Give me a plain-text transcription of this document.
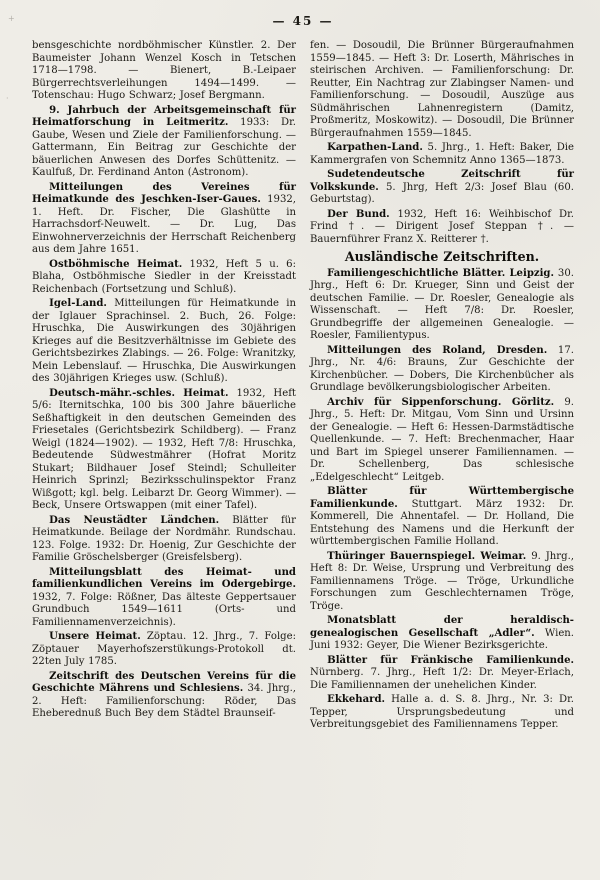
+
·
— 45 —

bensgeschichte nordböhmischer Künstler. 2. Der Baumeister Johann Wenzel Kosch in Tetschen 1718—1798. — Bienert, B.-Leipaer Bürgerrechtsverleihungen 1494—1499. — Totenschau: Hugo Schwarz; Josef Bergmann.

9. Jahrbuch der Arbeitsgemeinschaft für Heimatforschung in Leitmeritz. 1933: Dr. Gaube, Wesen und Ziele der Familienforschung. — Gattermann, Ein Beitrag zur Geschichte der bäuerlichen Anwesen des Dorfes Schüttenitz. — Kaulfuß, Dr. Ferdinand Anton (Astronom).

Mitteilungen des Vereines für Heimatkunde des Jeschken-Iser-Gaues. 1932, 1. Heft. Dr. Fischer, Die Glashütte in Harrachsdorf-Neuwelt. — Dr. Lug, Das Einwohnerverzeichnis der Herrschaft Reichenberg aus dem Jahre 1651.

Ostböhmische Heimat. 1932, Heft 5 u. 6: Blaha, Ostböhmische Siedler in der Kreisstadt Reichenbach (Fortsetzung und Schluß).

Igel-Land. Mitteilungen für Heimatkunde in der Iglauer Sprachinsel. 2. Buch, 26. Folge: Hruschka, Die Auswirkungen des 30jährigen Krieges auf die Besitzverhältnisse im Gebiete des Gerichtsbezirkes Zlabings. — 26. Folge: Wranitzky, Mein Lebenslauf. — Hruschka, Die Auswirkungen des 30jährigen Krieges usw. (Schluß).

Deutsch-mähr.-schles. Heimat. 1932, Heft 5/6: Iternitschka, 100 bis 300 Jahre bäuerliche Seßhaftigkeit in den deutschen Gemeinden des Friesetales (Gerichtsbezirk Schildberg). — Franz Weigl (1824—1902). — 1932, Heft 7/8: Hruschka, Bedeutende Südwestmährer (Hofrat Moritz Stukart; Bildhauer Josef Steindl; Schulleiter Heinrich Sprinzl; Bezirksschulinspektor Franz Wißgott; kgl. belg. Leibarzt Dr. Georg Wimmer). — Beck, Unsere Ortswappen (mit einer Tafel).

Das Neustädter Ländchen. Blätter für Heimatkunde. Beilage der Nordmähr. Rundschau. 123. Folge. 1932: Dr. Hoenig, Zur Geschichte der Familie Gröschelsberger (Greisfelsberg).

Mitteilungsblatt des Heimat- und familienkundlichen Vereins im Odergebirge. 1932, 7. Folge: Rößner, Das älteste Geppertsauer Grundbuch 1549—1611 (Orts- und Familiennamenverzeichnis).

Unsere Heimat. Zöptau. 12. Jhrg., 7. Folge: Zöptauer Mayerhofszerstükungs-Protokoll dt. 22ten July 1785.

Zeitschrift des Deutschen Vereins für die Geschichte Mährens und Schlesiens. 34. Jhrg., 2. Heft: Familienforschung: Röder, Das Eheberednuß Buch Bey dem Städtel Braunseif-

fen. — Dosoudil, Die Brünner Bürgeraufnahmen 1559—1845. — Heft 3: Dr. Loserth, Mährisches in steirischen Archiven. — Familienforschung: Dr. Reutter, Ein Nachtrag zur Zlabingser Namen- und Familienforschung. — Dosoudil, Auszüge aus Südmährischen Lahnenregistern (Damitz, Proßmeritz, Moskowitz). — Dosoudil, Die Brünner Bürgeraufnahmen 1559—1845.

Karpathen-Land. 5. Jhrg., 1. Heft: Baker, Die Kammergrafen von Schemnitz Anno 1365—1873.

Sudetendeutsche Zeitschrift für Volkskunde. 5. Jhrg, Heft 2/3: Josef Blau (60. Geburtstag).

Der Bund. 1932, Heft 16: Weihbischof Dr. Frind †. — Dirigent Josef Steppan †. — Bauernführer Franz X. Reitterer †.

Ausländische Zeitschriften.

Familiengeschichtliche Blätter. Leipzig. 30. Jhrg., Heft 6: Dr. Krueger, Sinn und Geist der deutschen Familie. — Dr. Roesler, Genealogie als Wissenschaft. — Heft 7/8: Dr. Roesler, Grundbegriffe der allgemeinen Genealogie. — Roesler, Familientypus.

Mitteilungen des Roland, Dresden. 17. Jhrg., Nr. 4/6: Brauns, Zur Geschichte der Kirchenbücher. — Dobers, Die Kirchenbücher als Grundlage bevölkerungsbiologischer Arbeiten.

Archiv für Sippenforschung. Görlitz. 9. Jhrg., 5. Heft: Dr. Mitgau, Vom Sinn und Ursinn der Genealogie. — Heft 6: Hessen-Darmstädtische Quellenkunde. — 7. Heft: Brechenmacher, Haar und Bart im Spiegel unserer Familiennamen. — Dr. Schellenberg, Das schlesische „Edelgeschlecht“ Leitgeb.

Blätter für Württembergische Familienkunde. Stuttgart. März 1932: Dr. Kommerell, Die Ahnentafel. — Dr. Holland, Die Entstehung des Namens und die Herkunft der württembergischen Familie Holland.

Thüringer Bauernspiegel. Weimar. 9. Jhrg., Heft 8: Dr. Weise, Ursprung und Verbreitung des Familiennamens Tröge. — Tröge, Urkundliche Forschungen zum Geschlechternamen Tröge, Tröge.

Monatsblatt der heraldisch-genealogischen Gesellschaft „Adler“. Wien. Juni 1932: Geyer, Die Wiener Bezirksgerichte.

Blätter für Fränkische Familienkunde. Nürnberg. 7. Jhrg., Heft 1/2: Dr. Meyer-Erlach, Die Familiennamen der unehelichen Kinder.

Ekkehard. Halle a. d. S. 8. Jhrg., Nr. 3: Dr. Tepper, Ursprungsbedeutung und Verbreitungsgebiet des Familiennamens Tepper.
